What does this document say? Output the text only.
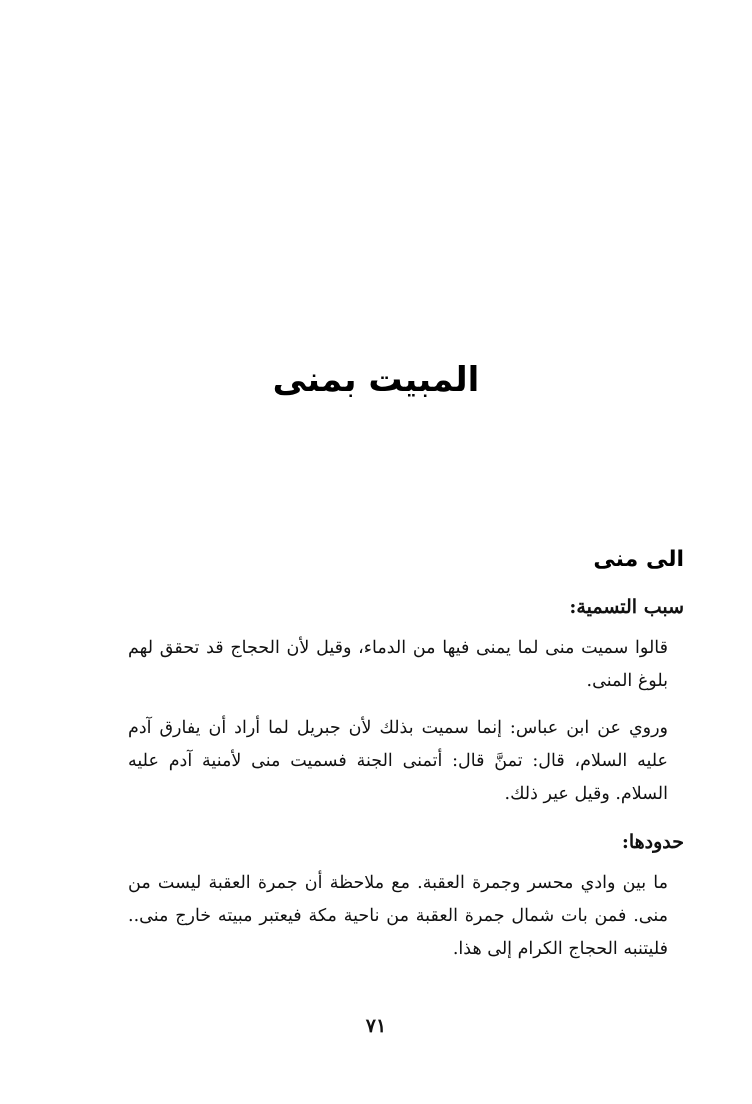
المبيت بمنى
الى منى
سبب التسمية:

قالوا سميت منى لما يمنى فيها من الدماء، وقيل لأن الحجاج قد تحقق لهم بلوغ المنى.

وروي عن ابن عباس: إنما سميت بذلك لأن جبريل لما أراد أن يفارق آدم عليه السلام، قال: تمنَّ قال: أتمنى الجنة فسميت منى لأمنية آدم عليه السلام. وقيل عير ذلك.

حدودها:

ما بين وادي محسر وجمرة العقبة. مع ملاحظة أن جمرة العقبة ليست من منى. فمن بات شمال جمرة العقبة من ناحية مكة فيعتبر مبيته خارج منى.. فليتنبه الحجاج الكرام إلى هذا.

٧١
